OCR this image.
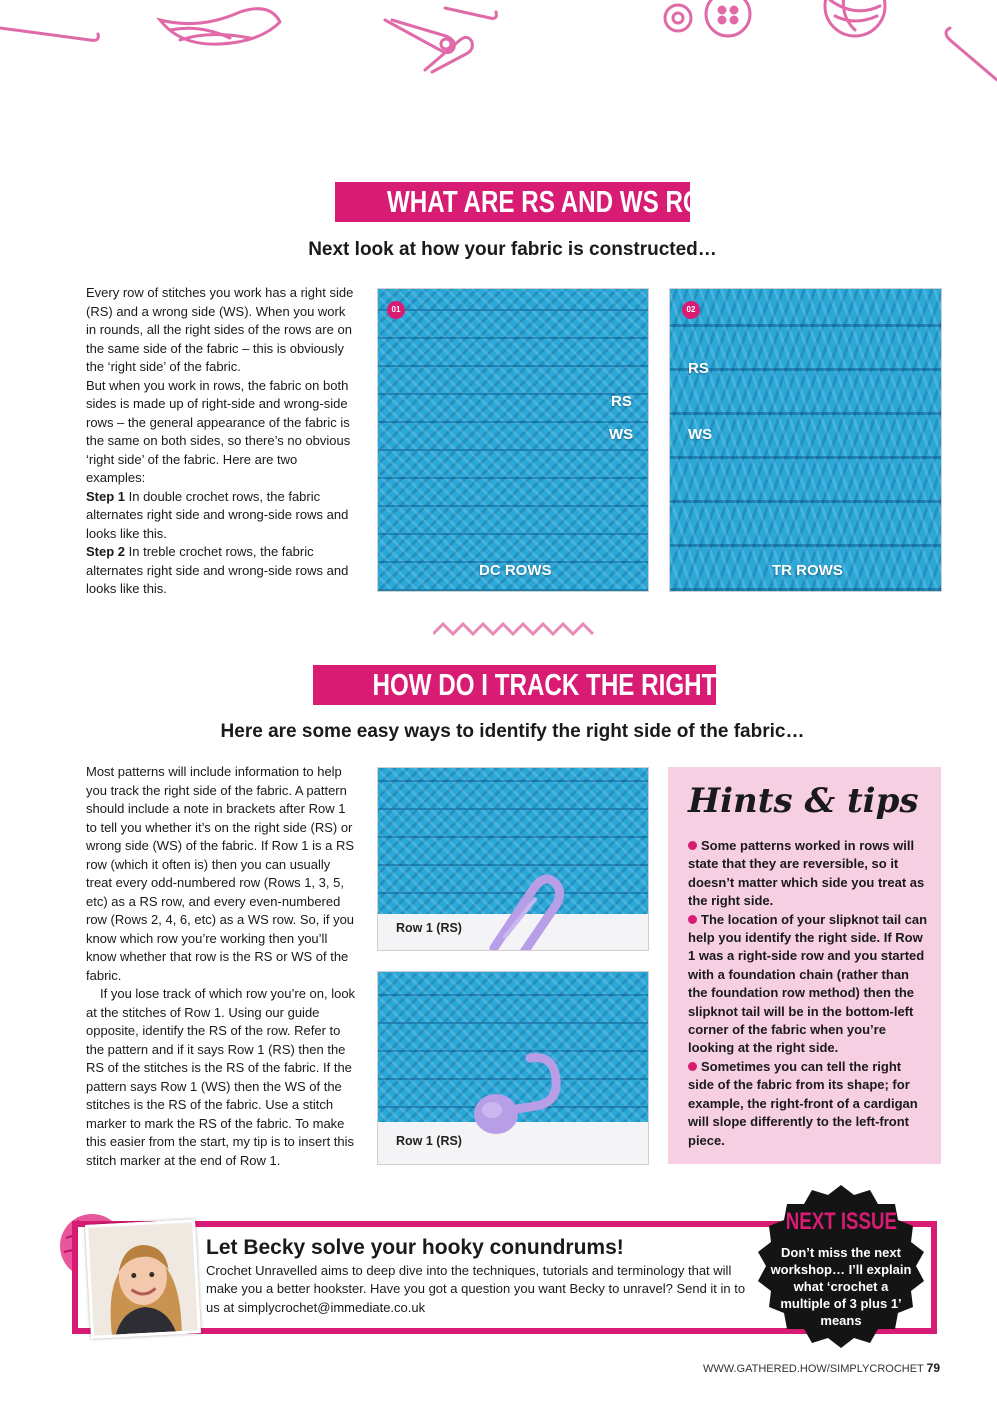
WHAT ARE RS AND WS ROWS?
Next look at how your fabric is constructed…

Every row of stitches you work has a right side (RS) and a wrong side (WS). When you work in rounds, all the right sides of the rows are on the same side of the fabric – this is obviously the ‘right side’ of the fabric.

But when you work in rows, the fabric on both sides is made up of right-side and wrong-side rows – the general appearance of the fabric is the same on both sides, so there’s no obvious ‘right side’ of the fabric. Here are two examples:

Step 1 In double crochet rows, the fabric alternates right side and wrong-side rows and looks like this.

Step 2 In treble crochet rows, the fabric alternates right side and wrong-side rows and looks like this.

01
RS
WS
DC ROWS
02
RS
WS
TR ROWS
HOW DO I TRACK THE RIGHT SIDE?
Here are some easy ways to identify the right side of the fabric…

Most patterns will include information to help you track the right side of the fabric. A pattern should include a note in brackets after Row 1 to tell you whether it’s on the right side (RS) or wrong side (WS) of the fabric. If Row 1 is a RS row (which it often is) then you can usually treat every odd-numbered row (Rows 1, 3, 5, etc) as a RS row, and every even-numbered row (Rows 2, 4, 6, etc) as a WS row. So, if you know which row you’re working then you’ll know whether that row is the RS or WS of the fabric.

If you lose track of which row you’re on, look at the stitches of Row 1. Using our guide opposite, identify the RS of the row. Refer to the pattern and if it says Row 1 (RS) then the RS of the stitches is the RS of the fabric. If the pattern says Row 1 (WS) then the WS of the stitches is the RS of the fabric. Use a stitch marker to mark the RS of the fabric. To make this easier from the start, my tip is to insert this stitch marker at the end of Row 1.

Row 1 (RS)
Row 1 (RS)
Hints & tips

Some patterns worked in rows will state that they are reversible, so it doesn’t matter which side you treat as the right side.

The location of your slipknot tail can help you identify the right side. If Row 1 was a right-side row and you started with a foundation chain (rather than the foundation row method) then the slipknot tail will be in the bottom-left corner of the fabric when you’re looking at the right side.

Sometimes you can tell the right side of the fabric from its shape; for example, the right-front of a cardigan will slope differently to the left-front piece.

Let Becky solve your hooky conundrums!

Crochet Unravelled aims to deep dive into the techniques, tutorials and terminology that will make you a better hookster. Have you got a question you want Becky to unravel? Send it in to us at simplycrochet@immediate.co.uk

NEXT ISSUE
Don’t miss the next workshop… I’ll explain what ‘crochet a multiple of 3 plus 1’ means
WWW.GATHERED.HOW/SIMPLYCROCHET 79
